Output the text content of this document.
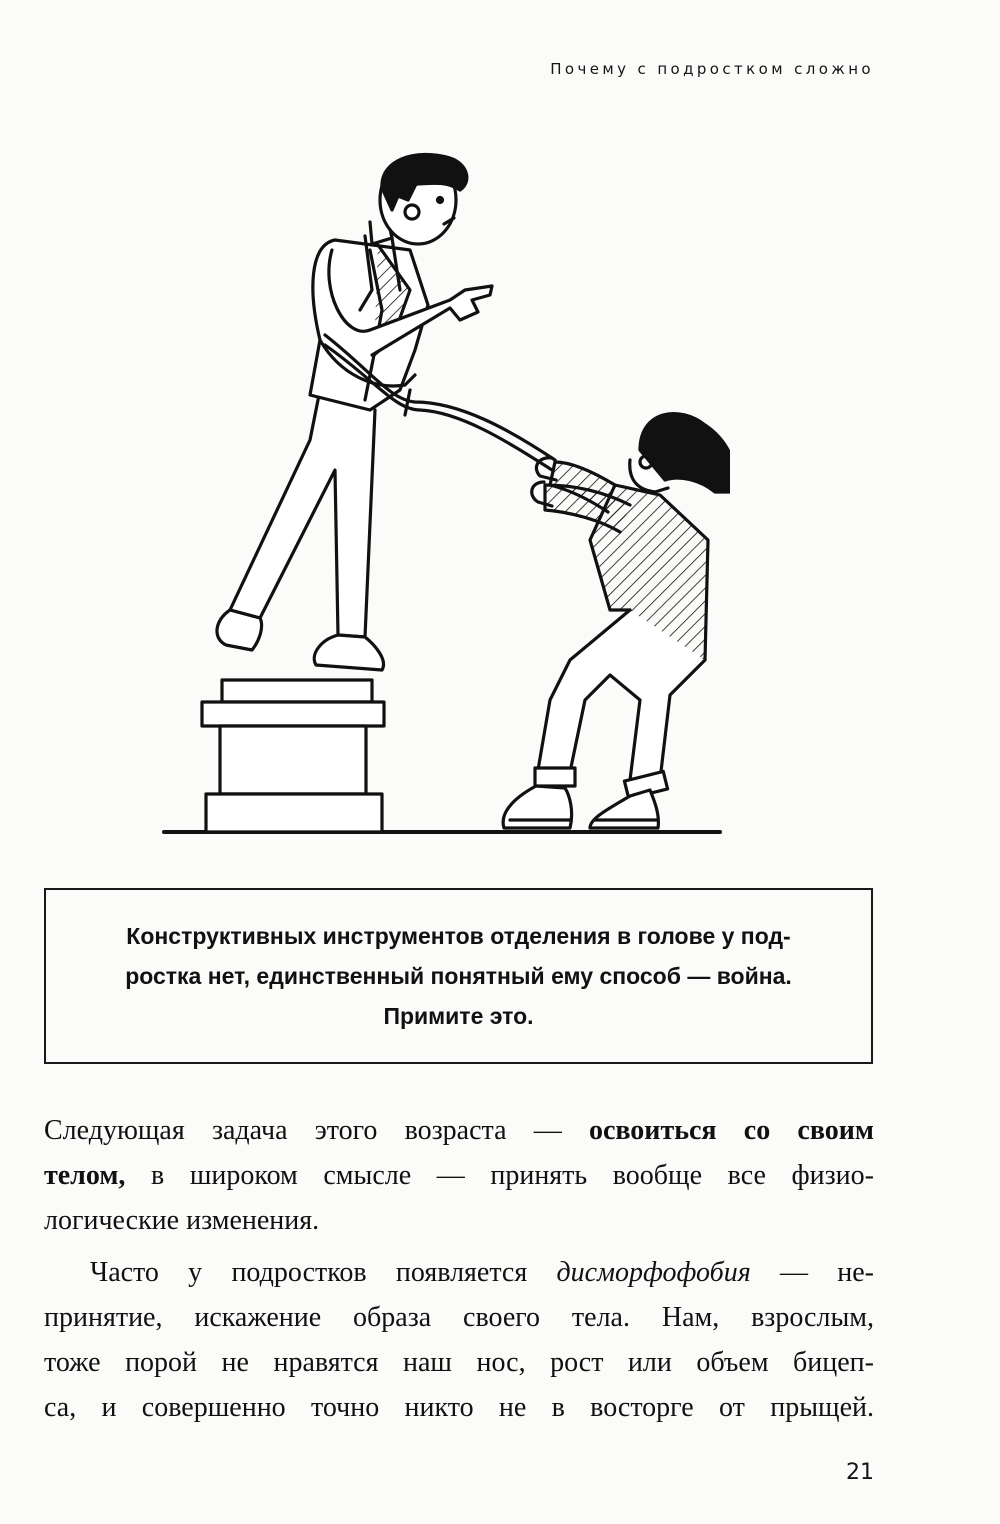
Почему с подростком сложно
Конструктивных инструментов отделения в голове у под-
ростка нет, единственный понятный ему способ — война.
Примите это.

Следующая задача этого возраста — освоиться со своим
телом, в широком смысле — принять вообще все физио-
логические изменения.

Часто у подростков появляется дисморфофобия — не-
принятие, искажение образа своего тела. Нам, взрослым,
тоже порой не нравятся наш нос, рост или объем бицеп-
са, и совершенно точно никто не в восторге от прыщей.

21
